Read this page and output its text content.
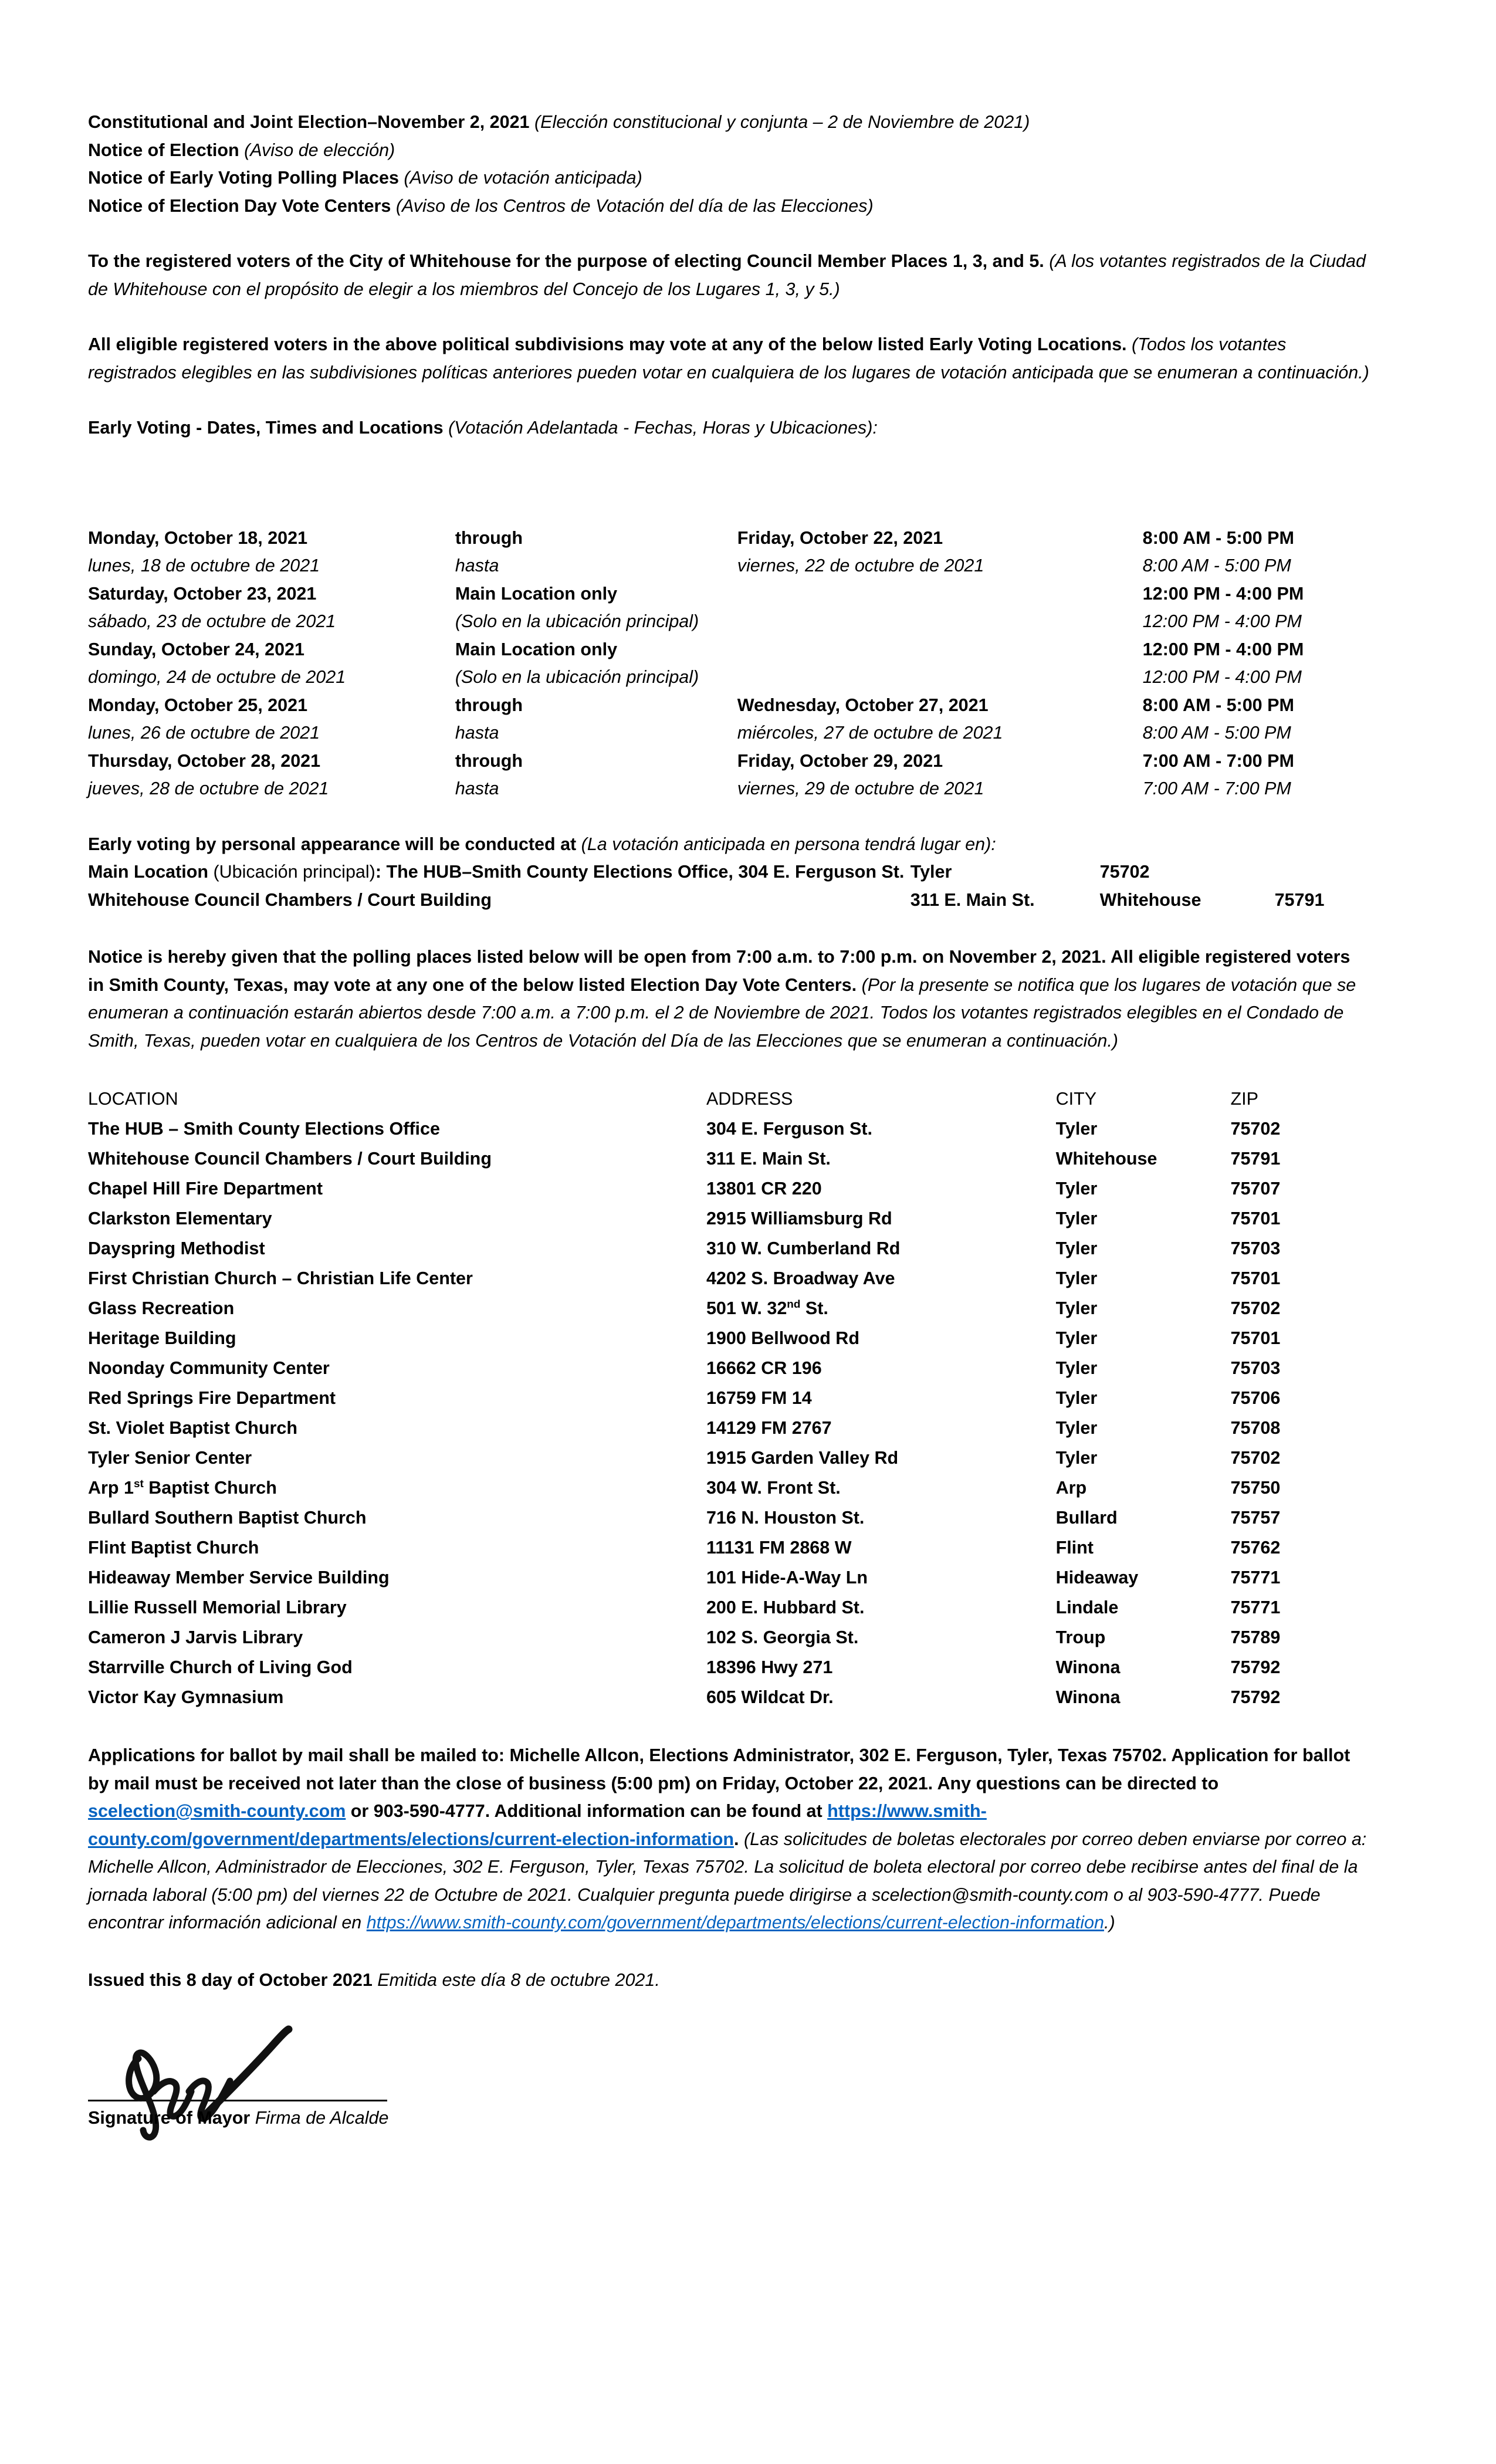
Constitutional and Joint Election–November 2, 2021 (Elección constitucional y conjunta – 2 de Noviembre de 2021)
Notice of Election (Aviso de elección)
Notice of Early Voting Polling Places (Aviso de votación anticipada)
Notice of Election Day Vote Centers (Aviso de los Centros de Votación del día de las Elecciones)

To the registered voters of the City of Whitehouse for the purpose of electing Council Member Places 1, 3, and 5. (A los votantes registrados de la Ciudad de Whitehouse con el propósito de elegir a los miembros del Concejo de los Lugares 1, 3, y 5.)

All eligible registered voters in the above political subdivisions may vote at any of the below listed Early Voting Locations. (Todos los votantes registrados elegibles en las subdivisiones políticas anteriores pueden votar en cualquiera de los lugares de votación anticipada que se enumeran a continuación.)

Early Voting - Dates, Times and Locations (Votación Adelantada - Fechas, Horas y Ubicaciones):
Monday, October 18, 2021	through	Friday, October 22, 2021	8:00 AM - 5:00 PM
lunes, 18 de octubre de 2021	hasta	viernes, 22 de octubre de 2021	8:00 AM - 5:00 PM
Saturday, October 23, 2021	Main Location only		12:00 PM - 4:00 PM
sábado, 23 de octubre de 2021	(Solo en la ubicación principal)		12:00 PM - 4:00 PM
Sunday, October 24, 2021	Main Location only		12:00 PM - 4:00 PM
domingo, 24 de octubre de 2021	(Solo en la ubicación principal)		12:00 PM - 4:00 PM
Monday, October 25, 2021	through	Wednesday, October 27, 2021	8:00 AM - 5:00 PM
lunes, 26 de octubre de 2021	hasta	miércoles, 27 de octubre de 2021	8:00 AM - 5:00 PM
Thursday, October 28, 2021	through	Friday, October 29, 2021	7:00 AM - 7:00 PM
jueves, 28 de octubre de 2021	hasta	viernes, 29 de octubre de 2021	7:00 AM - 7:00 PM
Early voting by personal appearance will be conducted at (La votación anticipada en persona tendrá lugar en):
Main Location (Ubicación principal): The HUB–Smith County Elections Office, 304 E. Ferguson St.	Tyler	75702	
Whitehouse Council Chambers / Court Building	311 E. Main St.	Whitehouse	75791

Notice is hereby given that the polling places listed below will be open from 7:00 a.m. to 7:00 p.m. on November 2, 2021. All eligible registered voters in Smith County, Texas, may vote at any one of the below listed Election Day Vote Centers. (Por la presente se notifica que los lugares de votación que se enumeran a continuación estarán abiertos desde 7:00 a.m. a 7:00 p.m. el 2 de Noviembre de 2021. Todos los votantes registrados elegibles en el Condado de Smith, Texas, pueden votar en cualquiera de los Centros de Votación del Día de las Elecciones que se enumeran a continuación.)

LOCATION	ADDRESS	CITY	ZIP
The HUB – Smith County Elections Office	304 E. Ferguson St.	Tyler	75702
Whitehouse Council Chambers / Court Building	311 E. Main St.	Whitehouse	75791
Chapel Hill Fire Department	13801 CR 220	Tyler	75707
Clarkston Elementary	2915 Williamsburg Rd	Tyler	75701
Dayspring Methodist	310 W. Cumberland Rd	Tyler	75703
First Christian Church – Christian Life Center	4202 S. Broadway Ave	Tyler	75701
Glass Recreation	501 W. 32nd St.	Tyler	75702
Heritage Building	1900 Bellwood Rd	Tyler	75701
Noonday Community Center	16662 CR 196	Tyler	75703
Red Springs Fire Department	16759 FM 14	Tyler	75706
St. Violet Baptist Church	14129 FM 2767	Tyler	75708
Tyler Senior Center	1915 Garden Valley Rd	Tyler	75702
Arp 1st Baptist Church	304 W. Front St.	Arp	75750
Bullard Southern Baptist Church	716 N. Houston St.	Bullard	75757
Flint Baptist Church	11131 FM 2868 W	Flint	75762
Hideaway Member Service Building	101 Hide-A-Way Ln	Hideaway	75771
Lillie Russell Memorial Library	200 E. Hubbard St.	Lindale	75771
Cameron J Jarvis Library	102 S. Georgia St.	Troup	75789
Starrville Church of Living God	18396 Hwy 271	Winona	75792
Victor Kay Gymnasium	605 Wildcat Dr.	Winona	75792

Applications for ballot by mail shall be mailed to: Michelle Allcon, Elections Administrator, 302 E. Ferguson, Tyler, Texas 75702. Application for ballot by mail must be received not later than the close of business (5:00 pm) on Friday, October 22, 2021. Any questions can be directed to scelection@smith-county.com or 903-590-4777. Additional information can be found at https://www.smith-county.com/government/departments/elections/current-election-information. (Las solicitudes de boletas electorales por correo deben enviarse por correo a: Michelle Allcon, Administrador de Elecciones, 302 E. Ferguson, Tyler, Texas 75702. La solicitud de boleta electoral por correo debe recibirse antes del final de la jornada laboral (5:00 pm) del viernes 22 de Octubre de 2021. Cualquier pregunta puede dirigirse a scelection@smith-county.com o al 903-590-4777. Puede encontrar información adicional en https://www.smith-county.com/government/departments/elections/current-election-information.)

Issued this 8 day of October 2021 Emitida este día 8 de octubre 2021.
Signature of Mayor Firma de Alcalde
